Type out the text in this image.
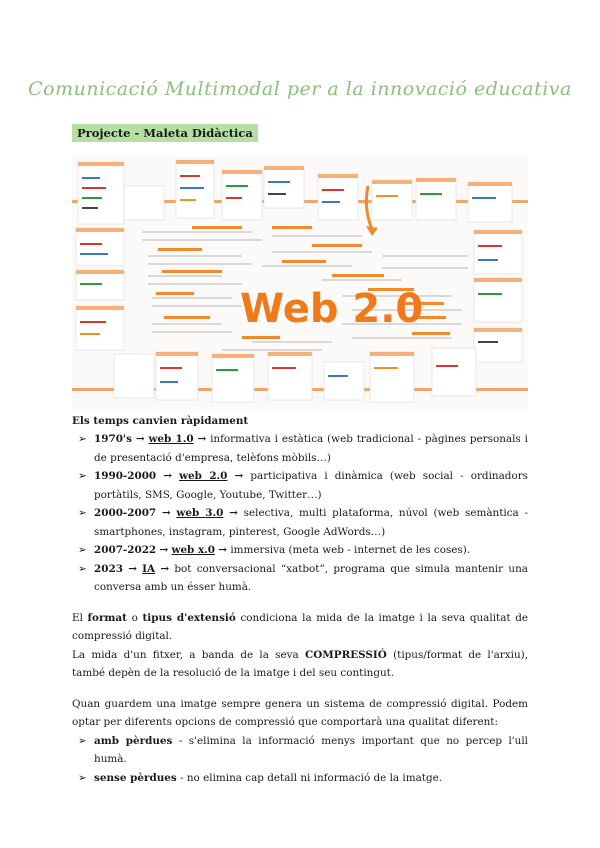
Comunicació Multimodal per a la innovació educativa
Projecte - Maleta Didàctica
Web 2.0

Els temps canvien ràpidament

➢ 1970's → web 1.0 → informativa i estàtica (web tradicional - pàgines personals i de presentació d'empresa, telèfons mòbils…)
➢ 1990-2000 → web 2.0 → participativa i dinàmica (web social - ordinadors portàtils, SMS, Google, Youtube, Twitter…)
➢ 2000-2007 → web 3.0 → selectiva, multi plataforma, núvol (web semàntica - smartphones, instagram, pinterest, Google AdWords…)
➢ 2007-2022 → web x.0 → immersiva (meta web - internet de les coses).
➢ 2023 → IA → bot conversacional “xatbot”, programa que simula mantenir una conversa amb un ésser humà.

El format o tipus d'extensió condiciona la mida de la imatge i la seva qualitat de compressió digital.

La mida d'un fitxer, a banda de la seva COMPRESSIÓ (tipus/format de l'arxiu), també depèn de la resolució de la imatge i del seu contingut.

Quan guardem una imatge sempre genera un sistema de compressió digital. Podem optar per diferents opcions de compressió que comportarà una qualitat diferent:

➢ amb pèrdues - s'elimina la informació menys important que no percep l'ull humà.
➢ sense pèrdues - no elimina cap detall ni informació de la imatge.
